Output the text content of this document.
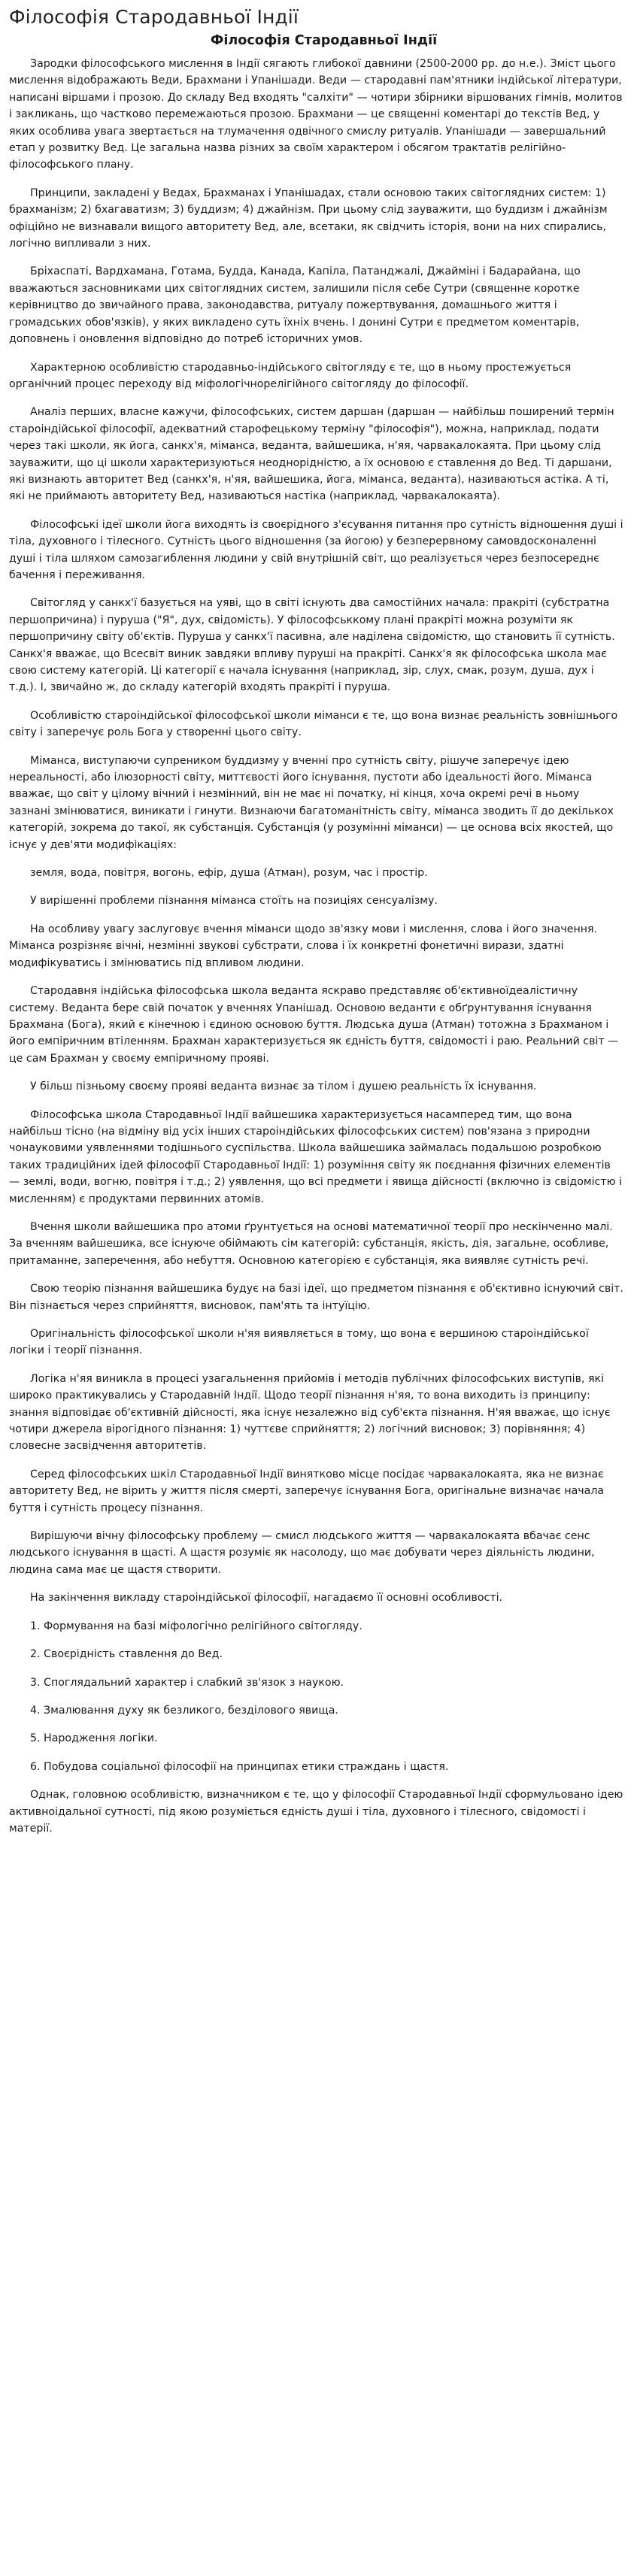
Філософія Стародавньої Індії
Філософія Стародавньої Індії

Зародки філософського мислення в Індії сягають глибокої давнини (2500-2000 рр. до н.е.). Зміст цього мислення відображають Веди, Брахмани і Упанішади. Веди — стародавні пам'ятники індійської літератури, написані віршами і прозою. До складу Вед входять "салхіти" — чотири збірники віршованих гімнів, молитов і закликань, що частково перемежаються прозою. Брахмани — це священні коментарі до текстів Вед, у яких особлива увага звертається на тлумачення одвічного смислу ритуалів. Упанішади — завершальний етап у розвитку Вед. Це загальна назва різних за своїм характером і обсягом трактатів релігійно-філософського плану.

Принципи, закладені у Ведах, Брахманах і Упанішадах, стали основою таких світоглядних систем: 1) брахманізм; 2) бхагаватизм; 3) буддизм; 4) джайнізм. При цьому слід зауважити, що буддизм і джайнізм офіційно не визнавали вищого авторитету Вед, але, всетаки, як свідчить історія, вони на них спирались, логічно випливали з них.

Бріхаспаті, Вардхамана, Готама, Будда, Канада, Капіла, Патанджалі, Джайміні і Бадарайана, що вважаються засновниками цих світоглядних систем, залишили після себе Сутри (священне коротке керівництво до звичайного права, законодавства, ритуалу пожертвування, домашнього життя і громадських обов'язків), у яких викладено суть їхніх вчень. І донині Сутри є предметом коментарів, доповнень і оновлення відповідно до потреб історичних умов.

Характерною особливістю стародавньо-індійського світогляду є те, що в ньому простежується органічний процес переходу від міфологічнорелігійного світогляду до філософії.

Аналіз перших, власне кажучи, філософських, систем даршан (даршан — найбільш поширений термін староіндійської філософії, адекватний старофецькому терміну "філософія"), можна, наприклад, подати через такі школи, як йога, санкх'я, міманса, веданта, вайшешика, н'яя, чарвакалокаята. При цьому слід зауважити, що ці школи характеризуються неоднорідністю, а їх основою є ставлення до Вед. Ті даршани, які визнають авторитет Вед (санкх'я, н'яя, вайшешика, йога, міманса, веданта), називаються астіка. А ті, які не приймають авторитету Вед, називаються настіка (наприклад, чарвакалокаята).

Філософські ідеї школи йога виходять із своєрідного з'єсування питання про сутність відношення душі і тіла, духовного і тілесного. Сутність цього відношення (за йогою) у безперервному самовдосконаленні душі і тіла шляхом самозагиблення людини у свій внутрішній світ, що реалізується через безпосереднє бачення і переживання.

Світогляд у санкх'ї базується на уяві, що в світі існують два самостійних начала: пракріті (субстратна першопричина) і пуруша ("Я", дух, свідомість). У філософськкому плані пракріті можна розуміти як першопричину світу об'єктів. Пуруша у санкх'ї пасивна, але наділена свідомістю, що становить її сутність. Санкх'я вважає, що Всесвіт виник завдяки впливу пуруші на пракріті. Санкх'я як філософська школа має свою систему категорій. Ці категорії є начала існування (наприклад, зір, слух, смак, розум, душа, дух і т.д.). І, звичайно ж, до складу категорій входять пракріті і пуруша.

Особливістю староіндійської філософської школи міманси є те, що вона визнає реальність зовнішнього світу і заперечує роль Бога у створенні цього світу.

Міманса, виступаючи супреником буддизму у вченні про сутність світу, рішуче заперечує ідею нереальності, або ілюзорності світу, миттєвості його існування, пустоти або ідеальності його. Міманса вважає, що світ у цілому вічний і незмінний, він не має ні початку, ні кінця, хоча окремі речі в ньому зазнані змінюватися, виникати і гинути. Визнаючи багатоманітність світу, міманса зводить її до декількох категорій, зокрема до такої, як субстанція. Субстанція (у розумінні міманси) — це основа всіх якостей, що існує у дев'яти модифікаціях:

земля, вода, повітря, вогонь, ефір, душа (Атман), розум, час і простір.

У вирішенні проблеми пізнання міманса стоїть на позиціях сенсуалізму.

На особливу увагу заслуговує вчення міманси щодо зв'язку мови і мислення, слова і його значення. Міманса розрізняє вічні, незмінні звукові субстрати, слова і їх конкретні фонетичні вирази, здатні модифікуватись і змінюватись під впливом людини.

Стародавня індійська філософська школа веданта яскраво представляє об'єктивноїдеалістичну систему. Веданта бере свій початок у вченнях Упанішад. Основою веданти є обґрунтування існування Брахмана (Бога), який є кінечною і єдиною основою буття. Людська душа (Атман) тотожна з Брахманом і його емпіричним втіленням. Брахман характеризується як єдність буття, свідомості і раю. Реальний світ — це сам Брахман у своєму емпіричному прояві.

У більш пізньому своєму прояві веданта визнає за тілом і душею реальність їх існування.

Філософська школа Стародавньої Індії вайшешика характеризується насамперед тим, що вона найбільш тісно (на відміну від усіх інших староіндійських філософських систем) пов'язана з природни чонауковими уявленнями тодішнього суспільства. Школа вайшешика займалась подальшою розробкою таких традиційних ідей філософії Стародавньої Індії: 1) розуміння світу як поєднання фізичних елементів — землі, води, вогню, повітря і т.д.; 2) уявлення, що всі предмети і явища дійсності (включно із свідомістю і мисленням) є продуктами первинних атомів.

Вчення школи вайшешика про атоми ґрунтується на основі математичної теорії про нескінченно малі. За вченням вайшешика, все існуюче обіймають сім категорій: субстанція, якість, дія, загальне, особливе, притаманне, заперечення, або небуття. Основною категорією є субстанція, яка виявляє сутність речі.

Свою теорію пізнання вайшешика будує на базі ідеї, що предметом пізнання є об'єктивно існуючий світ. Він пізнається через сприйняття, висновок, пам'ять та інтуїцію.

Оригінальність філософської школи н'яя виявляється в тому, що вона є вершиною староіндійської логіки і теорії пізнання.

Логіка н'яя виникла в процесі узагальнення прийомів і методів публічних філософських виступів, які широко практикувались у Стародавній Індії. Щодо теорії пізнання н'яя, то вона виходить із принципу: знання відповідає об'єктивній дійсності, яка існує незалежно від суб'єкта пізнання. Н'яя вважає, що існує чотири джерела вірогідного пізнання: 1) чуттєве сприйняття; 2) логічний висновок; 3) порівняння; 4) словесне засвідчення авторитетів.

Серед філософських шкіл Стародавньої Індії винятково місце посідає чарвакалокаята, яка не визнає авторитету Вед, не вірить у життя після смерті, заперечує існування Бога, оригінальне визначає начала буття і сутність процесу пізнання.

Вирішуючи вічну філософську проблему — смисл людського життя — чарвакалокаята вбачає сенс людського існування в щасті. А щастя розуміє як насолоду, що має добувати через діяльність людини, людина сама має це щастя створити.

На закінчення викладу староіндійської філософії, нагадаємо її основні особливості.

1. Формування на базі міфологічно релігійного світогляду.
2. Своєрідність ставлення до Вед.
3. Споглядальний характер і слабкий зв'язок з наукою.
4. Змалювання духу як безликого, безділового явища.
5. Народження логіки.
6. Побудова соціальної філософії на принципах етики страждань і щастя.

Однак, головною особливістю, визначником є те, що у філософії Стародавньої Індії сформульовано ідею активноідальної сутності, під якою розуміється єдність душі і тіла, духовного і тілесного, свідомості і матерії.
